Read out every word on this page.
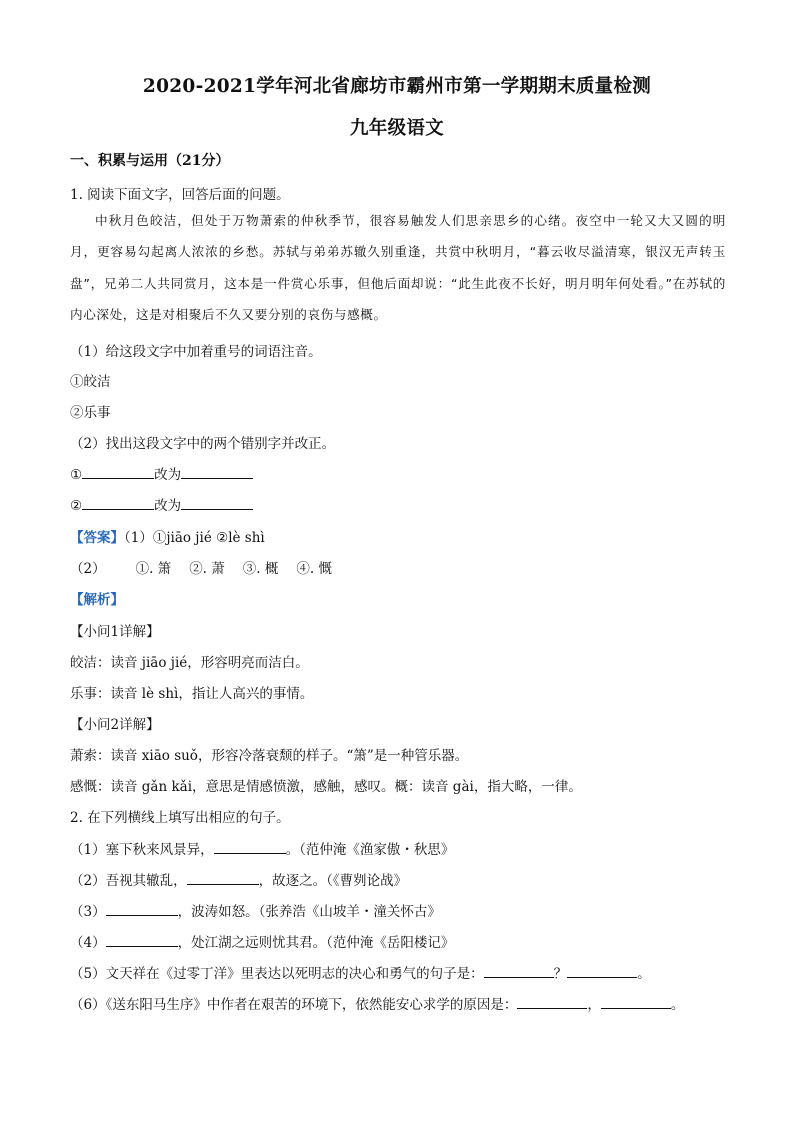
2020-2021学年河北省廊坊市霸州市第一学期期末质量检测
九年级语文
一、积累与运用（21分）
1. 阅读下面文字，回答后面的问题。
中秋月色皎洁，但处于万物萧索的仲秋季节，很容易触发人们思亲思乡的心绪。夜空中一轮又大又圆的明月，更容易勾起离人浓浓的乡愁。苏轼与弟弟苏辙久别重逢，共赏中秋明月，“暮云收尽溢清寒，银汉无声转玉盘”，兄弟二人共同赏月，这本是一件赏心乐事，但他后面却说：“此生此夜不长好，明月明年何处看。”在苏轼的内心深处，这是对相聚后不久又要分别的哀伤与感概。
（1）给这段文字中加着重号的词语注音。
①皎洁
②乐事
（2）找出这段文字中的两个错别字并改正。
①	改为
②	改为
【答案】（1）①jiāo jié ②lè shì
（2） ①. 箫 ②. 萧 ③. 概 ④. 慨
【解析】
【小问1详解】
皎洁：读音 jiāo jié，形容明亮而洁白。
乐事：读音 lè shì，指让人高兴的事情。
【小问2详解】
萧索：读音 xiāo suǒ，形容冷落衰颓的样子。“箫”是一种管乐器。
感慨：读音 gǎn kǎi，意思是情感愤激，感触，感叹。概：读音 gài，指大略，一律。
2. 在下列横线上填写出相应的句子。
（1）塞下秋来风景异，	。（范仲淹《渔家傲・秋思》
（2）吾视其辙乱，	，故逐之。（《曹刿论战》
（3）	，波涛如怒。（张养浩《山坡羊・潼关怀古》
（4）	，处江湖之远则忧其君。（范仲淹《岳阳楼记》
（5）文天祥在《过零丁洋》里表达以死明志的决心和勇气的句子是：	？	。
（6）《送东阳马生序》中作者在艰苦的环境下，依然能安心求学的原因是：	，	。
